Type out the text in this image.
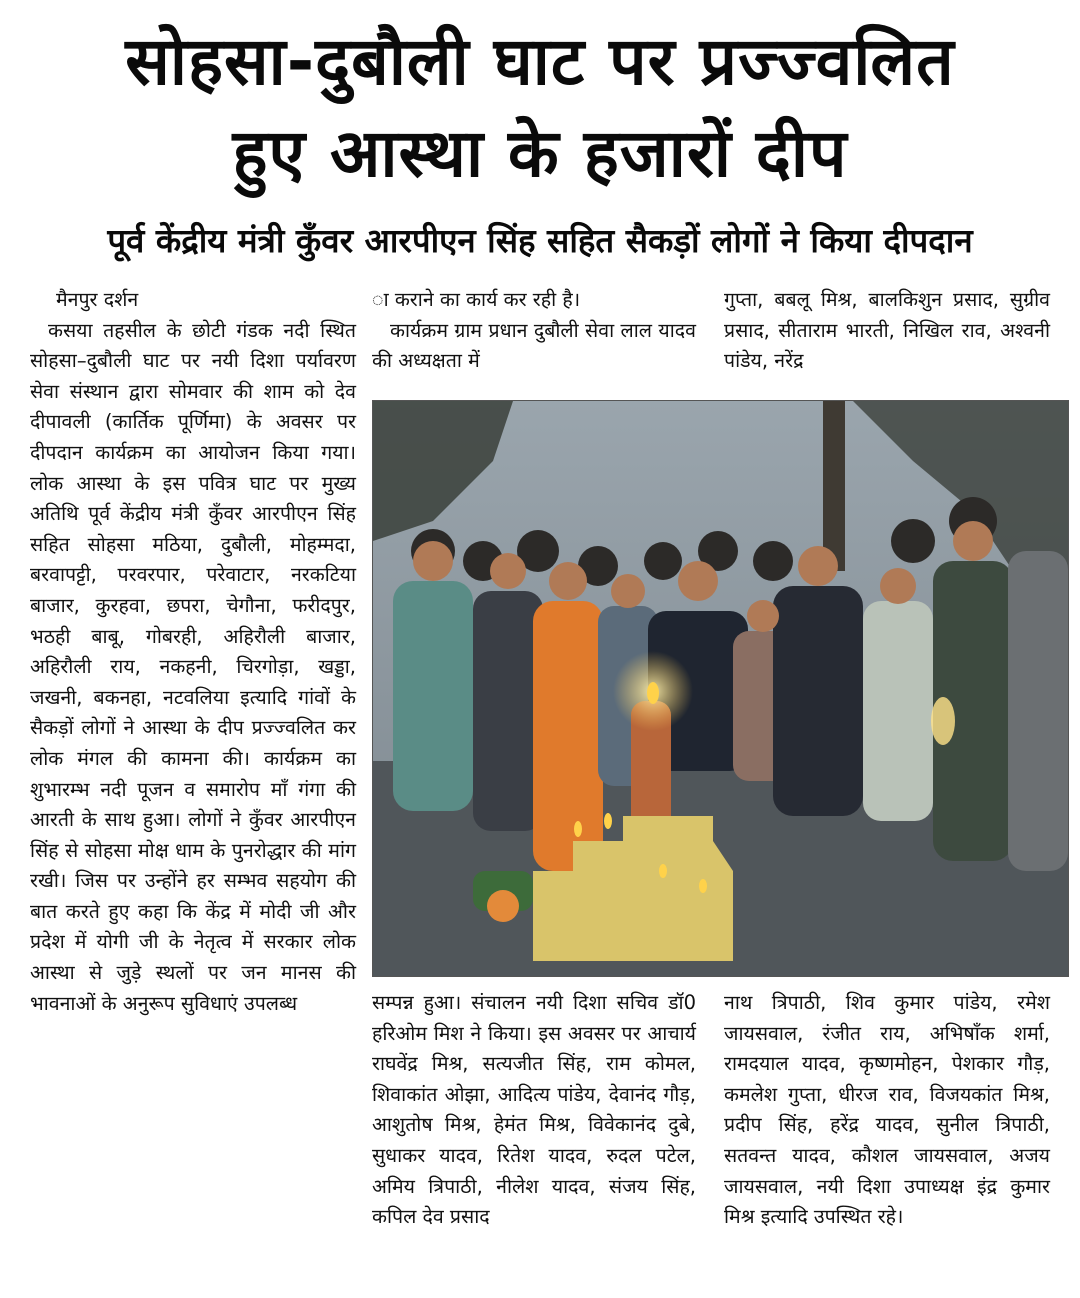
सोहसा-दुबौली घाट पर प्रज्ज्वलित
हुए आस्था के हजारों दीप
पूर्व केंद्रीय मंत्री कुँवर आरपीएन सिंह सहित सैकड़ों लोगों ने किया दीपदान

मैनपुर दर्शन

कसया तहसील के छोटी गंडक नदी स्थित सोहसा–दुबौली घाट पर नयी दिशा पर्यावरण सेवा संस्थान द्वारा सोमवार की शाम को देव दीपावली (कार्तिक पूर्णिमा) के अवसर पर दीपदान कार्यक्रम का आयोजन किया गया। लोक आस्था के इस पवित्र घाट पर मुख्य अतिथि पूर्व केंद्रीय मंत्री कुँवर आरपीएन सिंह सहित सोहसा मठिया, दुबौली, मोहम्मदा, बरवापट्टी, परवरपार, परेवाटार, नरकटिया बाजार, कुरहवा, छपरा, चेगौना, फरीदपुर, भठही बाबू, गोबरही, अहिरौली बाजार, अहिरौली राय, नकहनी, चिरगोड़ा, खड्डा, जखनी, बकनहा, नटवलिया इत्यादि गांवों के सैकड़ों लोगों ने आस्था के दीप प्रज्ज्वलित कर लोक मंगल की कामना की। कार्यक्रम का शुभारम्भ नदी पूजन व समारोप माँ गंगा की आरती के साथ हुआ। लोगों ने कुँवर आरपीएन सिंह से सोहसा मोक्ष धाम के पुनरोद्धार की मांग रखी। जिस पर उन्होंने हर सम्भव सहयोग की बात करते हुए कहा कि केंद्र में मोदी जी और प्रदेश में योगी जी के नेतृत्व में सरकार लोक आस्था से जुड़े स्थलों पर जन मानस की भावनाओं के अनुरूप सुविधाएं उपलब्ध

ा कराने का कार्य कर रही है।

कार्यक्रम ग्राम प्रधान दुबौली सेवा लाल यादव की अध्यक्षता में

गुप्ता, बबलू मिश्र, बालकिशुन प्रसाद, सुग्रीव प्रसाद, सीताराम भारती, निखिल राव, अश्वनी पांडेय, नरेंद्र

सम्पन्न हुआ। संचालन नयी दिशा सचिव डॉ0 हरिओम मिश ने किया। इस अवसर पर आचार्य राघवेंद्र मिश्र, सत्यजीत सिंह, राम कोमल, शिवाकांत ओझा, आदित्य पांडेय, देवानंद गौड़, आशुतोष मिश्र, हेमंत मिश्र, विवेकानंद दुबे, सुधाकर यादव, रितेश यादव, रुदल पटेल, अमिय त्रिपाठी, नीलेश यादव, संजय सिंह, कपिल देव प्रसाद

नाथ त्रिपाठी, शिव कुमार पांडेय, रमेश जायसवाल, रंजीत राय, अभिषाँक शर्मा, रामदयाल यादव, कृष्णमोहन, पेशकार गौड़, कमलेश गुप्ता, धीरज राव, विजयकांत मिश्र, प्रदीप सिंह, हरेंद्र यादव, सुनील त्रिपाठी, सतवन्त यादव, कौशल जायसवाल, अजय जायसवाल, नयी दिशा उपाध्यक्ष इंद्र कुमार मिश्र इत्यादि उपस्थित रहे।
